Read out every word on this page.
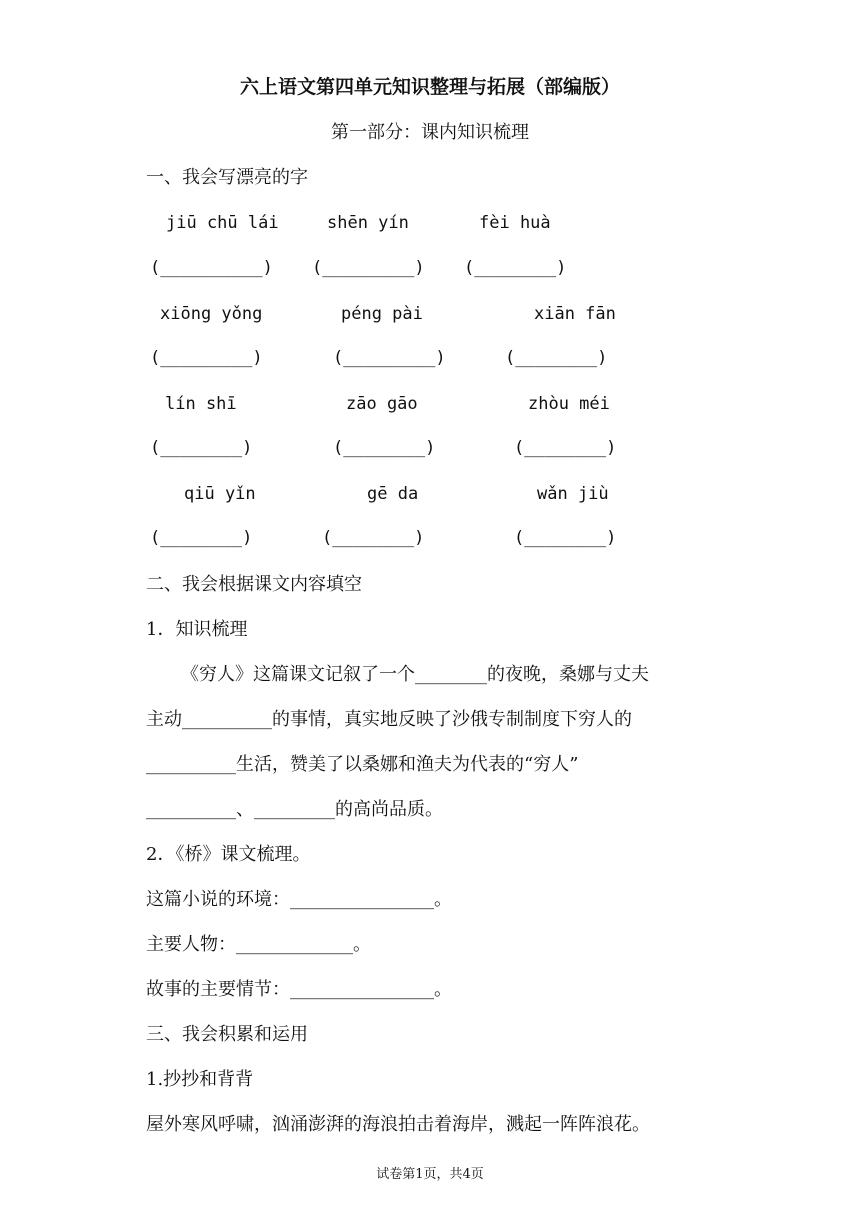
六上语文第四单元知识整理与拓展（部编版）
第一部分：课内知识梳理
一、我会写漂亮的字
jiū chū lái	shēn yín	fèi huà
(__________) (_________) (________)
xiōng yǒng	péng pài	xiān fān
(_________)	(_________)	(________)
lín shī	zāo gāo	zhòu méi
(________)	(________)	(________)
qiū yǐn	gē da	wǎn jiù
(________)	(________)	(________)
二、我会根据课文内容填空
1．知识梳理
《穷人》这篇课文记叙了一个________的夜晚，桑娜与丈夫
主动__________的事情，真实地反映了沙俄专制制度下穷人的
__________生活，赞美了以桑娜和渔夫为代表的“穷人”
__________、_________的高尚品质。
2．《桥》课文梳理。
这篇小说的环境：________________。
主要人物：_____________。
故事的主要情节：________________。
三、我会积累和运用
1.抄抄和背背
屋外寒风呼啸，汹涌澎湃的海浪拍击着海岸，溅起一阵阵浪花。
试卷第1页，共4页
